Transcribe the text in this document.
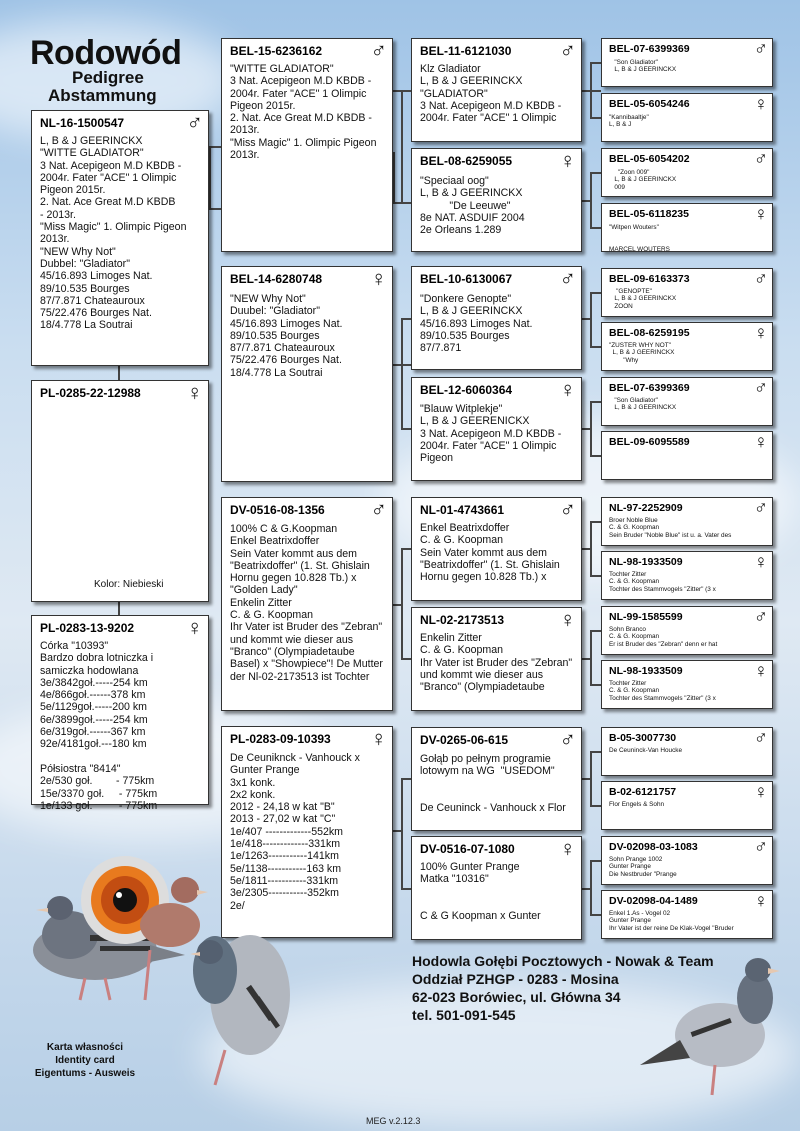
Rodowód
Pedigree
Abstammung
NL-16-1500547	♂
L, B & J GEERINCKX
"WITTE GLADIATOR"
3 Nat. Acepigeon M.D KBDB -
2004r. Fater "ACE" 1 Olimpic
Pigeon 2015r.
2. Nat. Ace Great M.D KBDB
- 2013r.
"Miss Magic" 1. Olimpic Pigeon
2013r.
"NEW Why Not"
Dubbel: "Gladiator"
45/16.893 Limoges Nat.
89/10.535 Bourges
87/7.871 Chateauroux
75/22.476 Bourges Nat.
18/4.778 La Soutrai
PL-0285-22-12988 ♀
Kolor: Niebieski
PL-0283-13-9202 ♀
Córka "10393"
Bardzo dobra lotniczka i
samiczka hodowlana
3e/3842goł.-----254 km
4e/866goł.------378 km
5e/1129goł.-----200 km
6e/3899goł.-----254 km
6e/319goł.------367 km
92e/4181goł.---180 km

Półsiostra "8414"
2e/530 goł.        - 775km
15e/3370 goł.     - 775km
1e/133 goł.         - 775km
BEL-15-6236162 ♂
"WITTE GLADIATOR"
3 Nat. Acepigeon M.D KBDB -
2004r. Fater "ACE" 1 Olimpic
Pigeon 2015r.
2. Nat. Ace Great M.D KBDB -
2013r.
"Miss Magic" 1. Olimpic Pigeon
2013r.
BEL-14-6280748 ♀
"NEW Why Not"
Duubel: "Gladiator"
45/16.893 Limoges Nat.
89/10.535 Bourges
87/7.871 Chateauroux
75/22.476 Bourges Nat.
18/4.778 La Soutrai
DV-0516-08-1356 ♂
100% C & G.Koopman
Enkel Beatrixdoffer
Sein Vater kommt aus dem
"Beatrixdoffer" (1. St. Ghislain
Hornu gegen 10.828 Tb.) x
"Golden Lady"
Enkelin Zitter
C. & G. Koopman
Ihr Vater ist Bruder des "Zebran"
und kommt wie dieser aus
"Branco" (Olympiadetaube
Basel) x "Showpiece"! De Mutter
der Nl-02-2173513 ist Tochter
PL-0283-09-10393 ♀
De Ceuniknck - Vanhouck x
Gunter Prange
3x1 konk.
2x2 konk.
2012 - 24,18 w kat "B"
2013 - 27,02 w kat "C"
1e/407 -------------552km
1e/418-------------331km
1e/1263-----------141km
5e/1138-----------163 km
5e/1811-----------331km
3e/2305-----------352km
2e/
BEL-11-6121030 ♂
Klz Gladiator
L, B & J GEERINCKX
"GLADIATOR"
3 Nat. Acepigeon M.D KBDB -
2004r. Fater "ACE" 1 Olimpic
BEL-08-6259055 ♀
"Speciaal oog"
L, B & J GEERINCKX
"De Leeuwe"
8e NAT. ASDUIF 2004
2e Orleans 1.289
BEL-10-6130067 ♂
"Donkere Genopte"
L, B & J GEERINCKX
45/16.893 Limoges Nat.
89/10.535 Bourges
87/7.871
BEL-12-6060364 ♀
"Blauw Witplekje"
L, B & J GEERENICKX
3 Nat. Acepigeon M.D KBDB -
2004r. Fater "ACE" 1 Olimpic
Pigeon
NL-01-4743661	♂
Enkel Beatrixdoffer
C. & G. Koopman
Sein Vater kommt aus dem
"Beatrixdoffer" (1. St. Ghislain
Hornu gegen 10.828 Tb.) x
NL-02-2173513	♀
Enkelin Zitter
C. & G. Koopman
Ihr Vater ist Bruder des "Zebran"
und kommt wie dieser aus
"Branco" (Olympiadetaube
DV-0265-06-615 ♂
Gołąb po pełnym programie
lotowym na WG  "USEDOM"

De Ceuninck - Vanhouck x Flor
DV-0516-07-1080 ♀
100% Gunter Prange
Matka "10316"

C & G Koopman x Gunter
BEL-07-6399369	♂
"Son Gladiator"
L, B & J GEERINCKX
BEL-05-6054246	♀
"Kannibaaltje"
L, B & J
BEL-05-6054202	♂
"Zoon 009"
L, B & J GEERINCKX
009
BEL-05-6118235	♀
"Witpen Wouters"

MARCEL WOUTERS
BEL-09-6163373	♂
"GENOPTE"
L, B & J GEERINCKX
ZOON
BEL-08-6259195	♀
"ZUSTER WHY NOT"
L, B & J GEERINCKX
"Why
BEL-07-6399369	♂
"Son Gladiator"
L, B & J GEERINCKX
BEL-09-6095589	♀
NL-97-2252909	♂
Broer Noble Blue
C. & G. Koopman
Sein Bruder "Noble Blue" ist u. a. Vater des
NL-98-1933509	♀
Tochter Zitter
C. & G. Koopman
Tochter des Stammvogels "Zitter" (3 x
NL-99-1585599	♂
Sohn Branco
C. & G. Koopman
Er ist Bruder des "Zebran" denn er hat
NL-98-1933509	♀
Tochter Zitter
C. & G. Koopman
Tochter des Stammvogels "Zitter" (3 x
B-05-3007730	♂
De Ceuninck-Van Houcke
B-02-6121757	♀
Flor Engels & Sohn
DV-02098-03-1083	♂
Sohn Prange 1002
Gunter Prange
Die Nestbruder "Prange
DV-02098-04-1489	♀
Enkel 1.As - Vogel 02
Gunter Prange
Ihr Vater ist der reine De Klak-Vogel "Bruder
Hodowla Gołębi Pocztowych - Nowak & Team
Oddział PZHGP - 0283 - Mosina
62-023 Borówiec, ul. Główna 34
tel. 501-091-545
Karta własności
Identity card
Eigentums - Ausweis
MEG v.2.12.3
